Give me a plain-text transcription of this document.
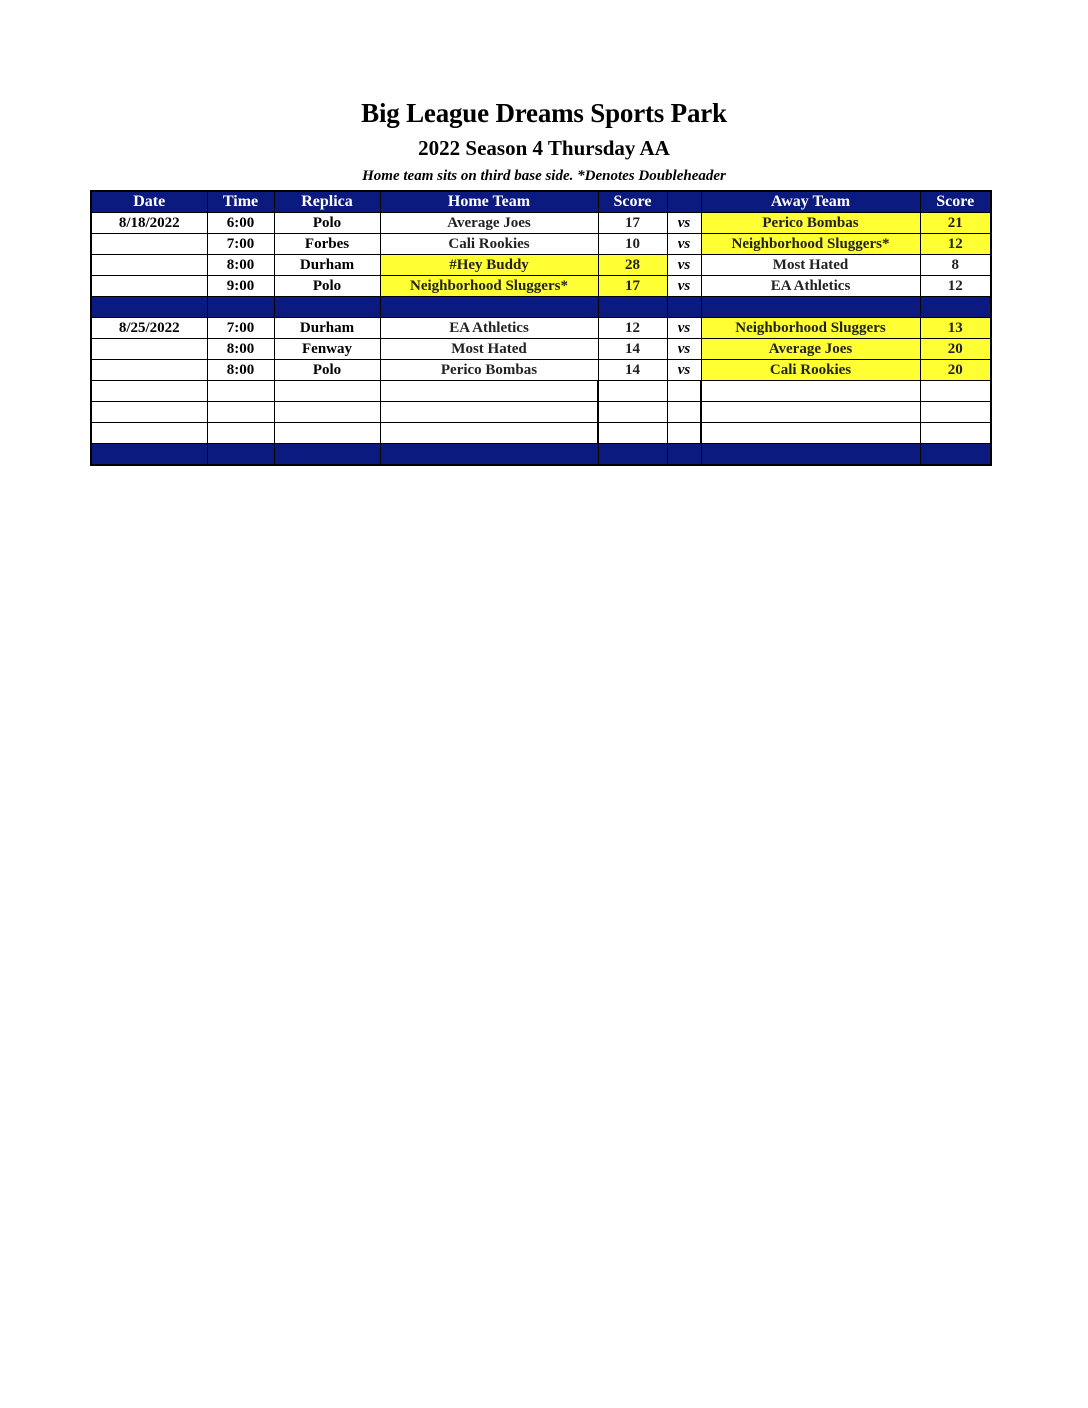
Big League Dreams Sports Park
2022 Season 4 Thursday AA
Home team sits on third base side. *Denotes Doubleheader
Date	Time	Replica	Home Team	Score		Away Team	Score
8/18/2022	6:00	Polo	Average Joes	17	vs	Perico Bombas	21
	7:00	Forbes	Cali Rookies	10	vs	Neighborhood Sluggers*	12
	8:00	Durham	#Hey Buddy	28	vs	Most Hated	8
	9:00	Polo	Neighborhood Sluggers*	17	vs	EA Athletics	12

8/25/2022	7:00	Durham	EA Athletics	12	vs	Neighborhood Sluggers	13
	8:00	Fenway	Most Hated	14	vs	Average Joes	20
	8:00	Polo	Perico Bombas	14	vs	Cali Rookies	20
